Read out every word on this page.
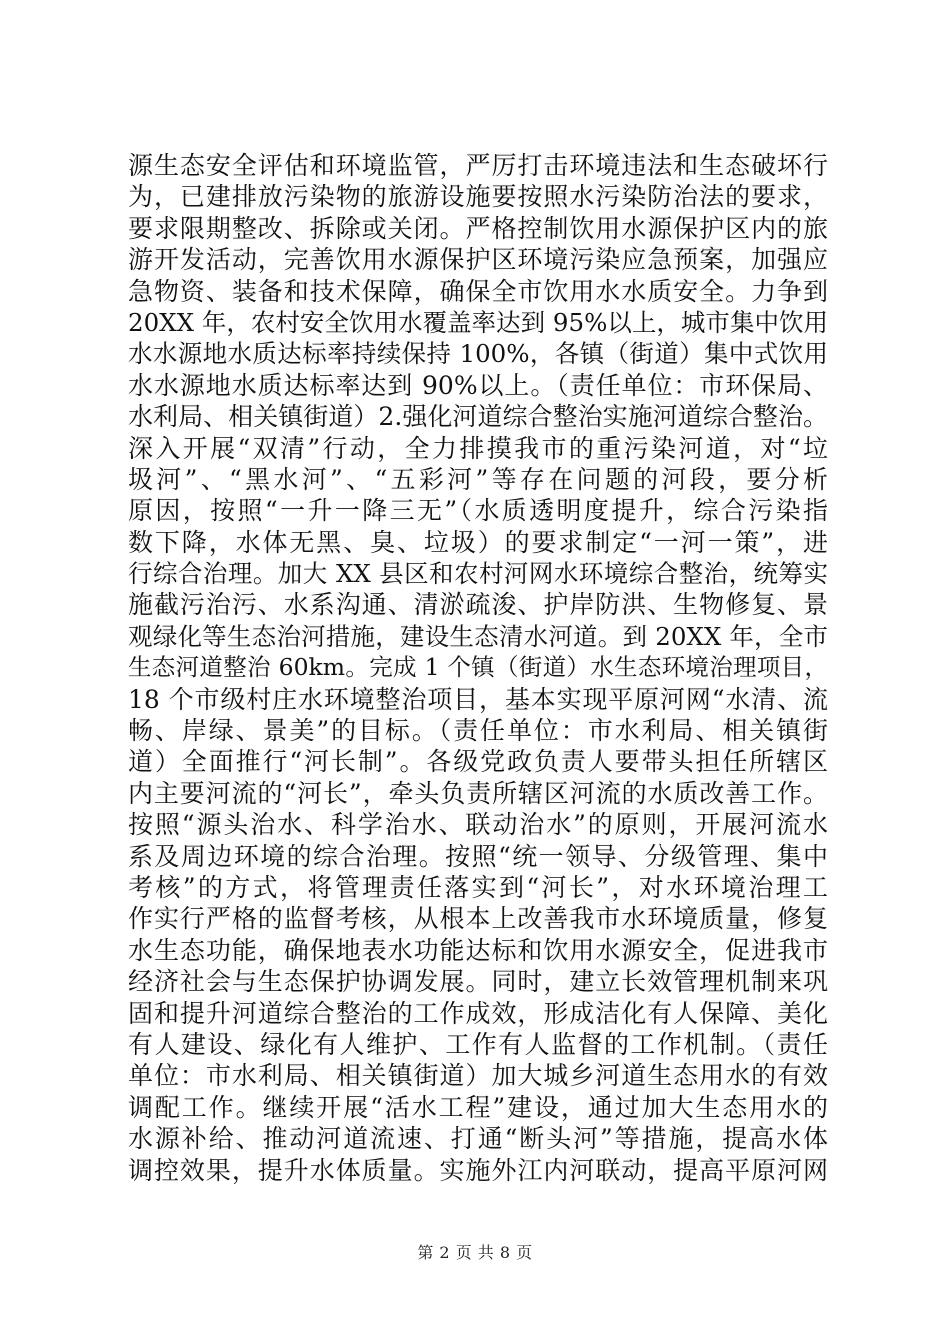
源生态安全评估和环境监管，严厉打击环境违法和生态破坏行
为，已建排放污染物的旅游设施要按照水污染防治法的要求，
要求限期整改、拆除或关闭。严格控制饮用水源保护区内的旅
游开发活动，完善饮用水源保护区环境污染应急预案，加强应
急物资、装备和技术保障，确保全市饮用水水质安全。力争到
20XX 年，农村安全饮用水覆盖率达到 95%以上，城市集中饮用
水水源地水质达标率持续保持 100%，各镇（街道）集中式饮用
水水源地水质达标率达到 90%以上。（责任单位：市环保局、
水利局、相关镇街道）2.强化河道综合整治实施河道综合整治。
深入开展“双清”行动，全力排摸我市的重污染河道，对“垃
圾河”、“黑水河”、“五彩河”等存在问题的河段，要分析
原因，按照“一升一降三无”（水质透明度提升，综合污染指
数下降，水体无黑、臭、垃圾）的要求制定“一河一策”，进
行综合治理。加大 XX 县区和农村河网水环境综合整治，统筹实
施截污治污、水系沟通、清淤疏浚、护岸防洪、生物修复、景
观绿化等生态治河措施，建设生态清水河道。到 20XX 年，全市
生态河道整治 60km。完成 1 个镇（街道）水生态环境治理项目，
18 个市级村庄水环境整治项目，基本实现平原河网“水清、流
畅、岸绿、景美”的目标。（责任单位：市水利局、相关镇街
道）全面推行“河长制”。各级党政负责人要带头担任所辖区
内主要河流的“河长”，牵头负责所辖区河流的水质改善工作。
按照“源头治水、科学治水、联动治水”的原则，开展河流水
系及周边环境的综合治理。按照“统一领导、分级管理、集中
考核”的方式，将管理责任落实到“河长”，对水环境治理工
作实行严格的监督考核，从根本上改善我市水环境质量，修复
水生态功能，确保地表水功能达标和饮用水源安全，促进我市
经济社会与生态保护协调发展。同时，建立长效管理机制来巩
固和提升河道综合整治的工作成效，形成洁化有人保障、美化
有人建设、绿化有人维护、工作有人监督的工作机制。（责任
单位：市水利局、相关镇街道）加大城乡河道生态用水的有效
调配工作。继续开展“活水工程”建设，通过加大生态用水的
水源补给、推动河道流速、打通“断头河”等措施，提高水体
调控效果，提升水体质量。实施外江内河联动，提高平原河网
第 2 页 共 8 页
